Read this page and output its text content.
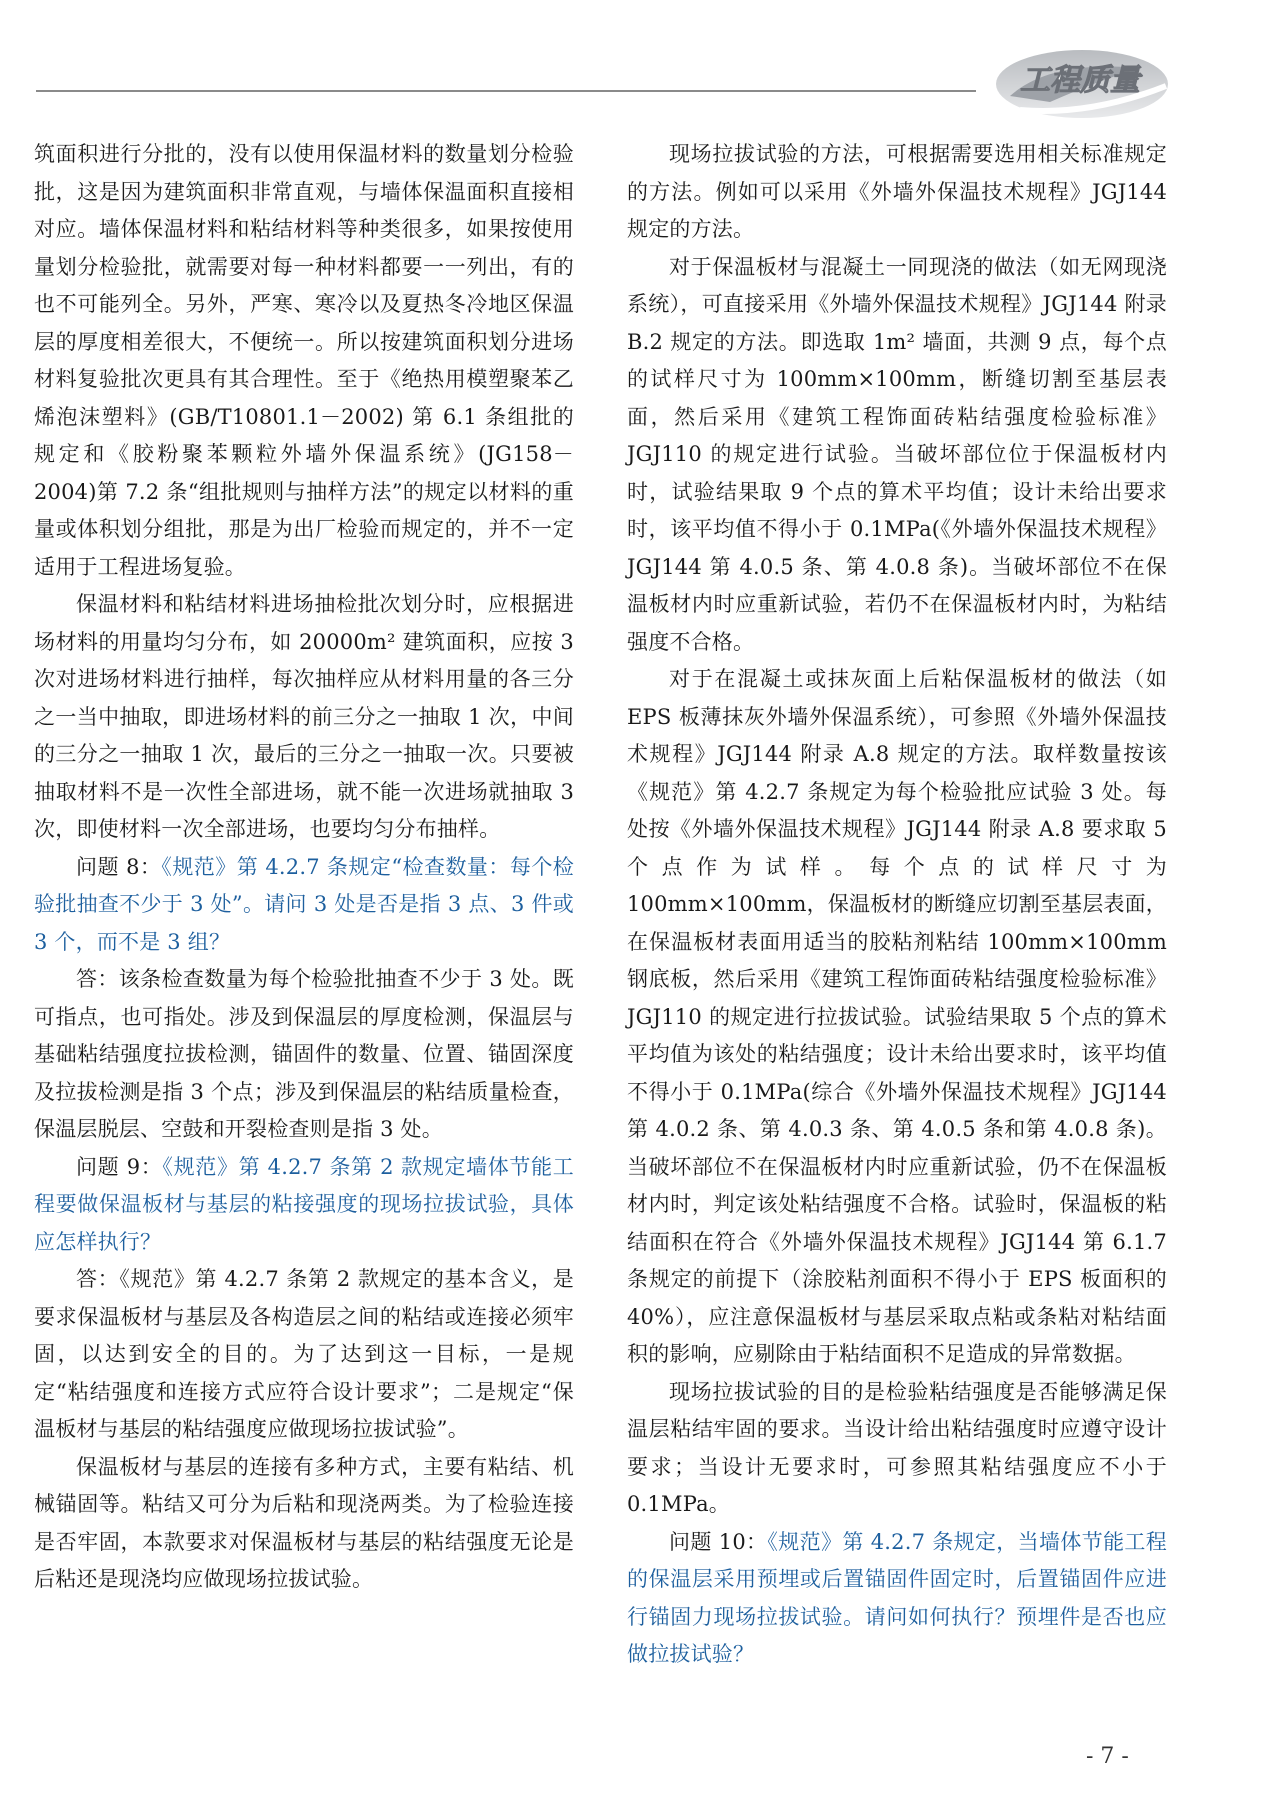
工程质量

筑面积进行分批的，没有以使用保温材料的数量划分检验批，这是因为建筑面积非常直观，与墙体保温面积直接相对应。墙体保温材料和粘结材料等种类很多，如果按使用量划分检验批，就需要对每一种材料都要一一列出，有的也不可能列全。另外，严寒、寒冷以及夏热冬冷地区保温层的厚度相差很大，不便统一。所以按建筑面积划分进场材料复验批次更具有其合理性。至于《绝热用模塑聚苯乙烯泡沫塑料》(GB/T10801.1－2002) 第 6.1 条组批的规定和《胶粉聚苯颗粒外墙外保温系统》(JG158－2004)第 7.2 条“组批规则与抽样方法”的规定以材料的重量或体积划分组批，那是为出厂检验而规定的，并不一定适用于工程进场复验。

保温材料和粘结材料进场抽检批次划分时，应根据进场材料的用量均匀分布，如 20000m² 建筑面积，应按 3 次对进场材料进行抽样，每次抽样应从材料用量的各三分之一当中抽取，即进场材料的前三分之一抽取 1 次，中间的三分之一抽取 1 次，最后的三分之一抽取一次。只要被抽取材料不是一次性全部进场，就不能一次进场就抽取 3 次，即使材料一次全部进场，也要均匀分布抽样。

问题 8：《规范》第 4.2.7 条规定“检查数量：每个检验批抽查不少于 3 处”。请问 3 处是否是指 3 点、3 件或 3 个，而不是 3 组？

答：该条检查数量为每个检验批抽查不少于 3 处。既可指点，也可指处。涉及到保温层的厚度检测，保温层与基础粘结强度拉拔检测，锚固件的数量、位置、锚固深度及拉拔检测是指 3 个点；涉及到保温层的粘结质量检查，保温层脱层、空鼓和开裂检查则是指 3 处。

问题 9：《规范》第 4.2.7 条第 2 款规定墙体节能工程要做保温板材与基层的粘接强度的现场拉拔试验，具体应怎样执行？

答：《规范》第 4.2.7 条第 2 款规定的基本含义，是要求保温板材与基层及各构造层之间的粘结或连接必须牢固，以达到安全的目的。为了达到这一目标，一是规定“粘结强度和连接方式应符合设计要求”；二是规定“保温板材与基层的粘结强度应做现场拉拔试验”。

保温板材与基层的连接有多种方式，主要有粘结、机械锚固等。粘结又可分为后粘和现浇两类。为了检验连接是否牢固，本款要求对保温板材与基层的粘结强度无论是后粘还是现浇均应做现场拉拔试验。

现场拉拔试验的方法，可根据需要选用相关标准规定的方法。例如可以采用《外墙外保温技术规程》JGJ144 规定的方法。

对于保温板材与混凝土一同现浇的做法（如无网现浇系统），可直接采用《外墙外保温技术规程》JGJ144 附录 B.2 规定的方法。即选取 1m² 墙面，共测 9 点，每个点的试样尺寸为 100mm×100mm，断缝切割至基层表面，然后采用《建筑工程饰面砖粘结强度检验标准》JGJ110 的规定进行试验。当破坏部位位于保温板材内时，试验结果取 9 个点的算术平均值；设计未给出要求时，该平均值不得小于 0.1MPa(《外墙外保温技术规程》JGJ144 第 4.0.5 条、第 4.0.8 条)。当破坏部位不在保温板材内时应重新试验，若仍不在保温板材内时，为粘结强度不合格。

对于在混凝土或抹灰面上后粘保温板材的做法（如 EPS 板薄抹灰外墙外保温系统），可参照《外墙外保温技术规程》JGJ144 附录 A.8 规定的方法。取样数量按该《规范》第 4.2.7 条规定为每个检验批应试验 3 处。每处按《外墙外保温技术规程》JGJ144 附录 A.8 要求取 5 个点作为试样。每个点的试样尺寸为 100mm×100mm，保温板材的断缝应切割至基层表面，在保温板材表面用适当的胶粘剂粘结 100mm×100mm 钢底板，然后采用《建筑工程饰面砖粘结强度检验标准》JGJ110 的规定进行拉拔试验。试验结果取 5 个点的算术平均值为该处的粘结强度；设计未给出要求时，该平均值不得小于 0.1MPa(综合《外墙外保温技术规程》JGJ144 第 4.0.2 条、第 4.0.3 条、第 4.0.5 条和第 4.0.8 条)。当破坏部位不在保温板材内时应重新试验，仍不在保温板材内时，判定该处粘结强度不合格。试验时，保温板的粘结面积在符合《外墙外保温技术规程》JGJ144 第 6.1.7 条规定的前提下（涂胶粘剂面积不得小于 EPS 板面积的 40%），应注意保温板材与基层采取点粘或条粘对粘结面积的影响，应剔除由于粘结面积不足造成的异常数据。

现场拉拔试验的目的是检验粘结强度是否能够满足保温层粘结牢固的要求。当设计给出粘结强度时应遵守设计要求；当设计无要求时，可参照其粘结强度应不小于 0.1MPa。

问题 10：《规范》第 4.2.7 条规定，当墙体节能工程的保温层采用预埋或后置锚固件固定时，后置锚固件应进行锚固力现场拉拔试验。请问如何执行？预埋件是否也应做拉拔试验？

- 7 -
